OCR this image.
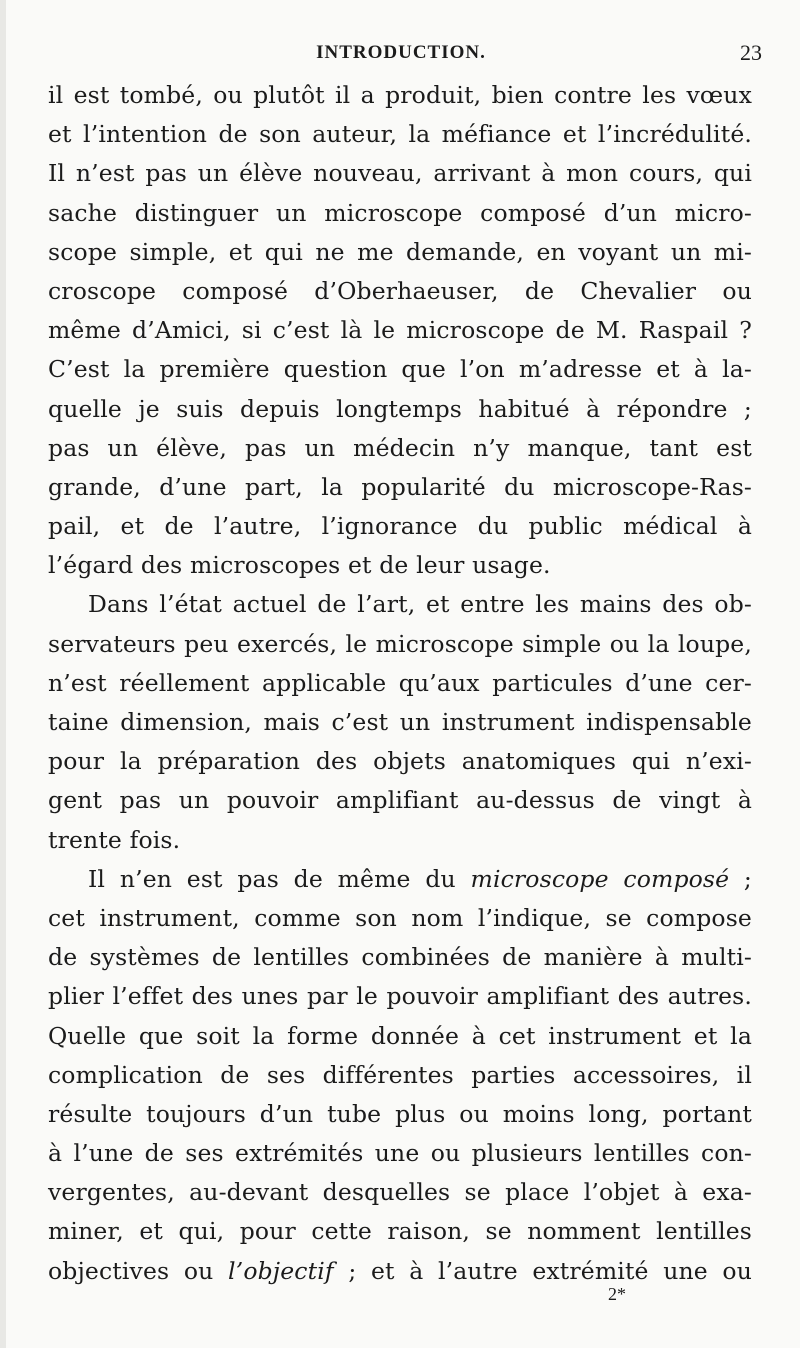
INTRODUCTION.	23
il est tombé, ou plutôt il a produit, bien contre les vœux
et l’intention de son auteur, la méfiance et l’incrédulité.
Il n’est pas un élève nouveau, arrivant à mon cours, qui
sache distinguer un microscope composé d’un micro-
scope simple, et qui ne me demande, en voyant un mi-
croscope composé d’Oberhaeuser, de Chevalier ou
même d’Amici, si c’est là le microscope de M. Raspail ?
C’est la première question que l’on m’adresse et à la-
quelle je suis depuis longtemps habitué à répondre ;
pas un élève, pas un médecin n’y manque, tant est
grande, d’une part, la popularité du microscope-Ras-
pail, et de l’autre, l’ignorance du public médical à
l’égard des microscopes et de leur usage.
Dans l’état actuel de l’art, et entre les mains des ob-
servateurs peu exercés, le microscope simple ou la loupe,
n’est réellement applicable qu’aux particules d’une cer-
taine dimension, mais c’est un instrument indispensable
pour la préparation des objets anatomiques qui n’exi-
gent pas un pouvoir amplifiant au-dessus de vingt à
trente fois.
Il n’en est pas de même du microscope composé ;
cet instrument, comme son nom l’indique, se compose
de systèmes de lentilles combinées de manière à multi-
plier l’effet des unes par le pouvoir amplifiant des autres.
Quelle que soit la forme donnée à cet instrument et la
complication de ses différentes parties accessoires, il
résulte toujours d’un tube plus ou moins long, portant
à l’une de ses extrémités une ou plusieurs lentilles con-
vergentes, au-devant desquelles se place l’objet à exa-
miner, et qui, pour cette raison, se nomment lentilles
objectives ou l’objectif ; et à l’autre extrémité une ou
2*
